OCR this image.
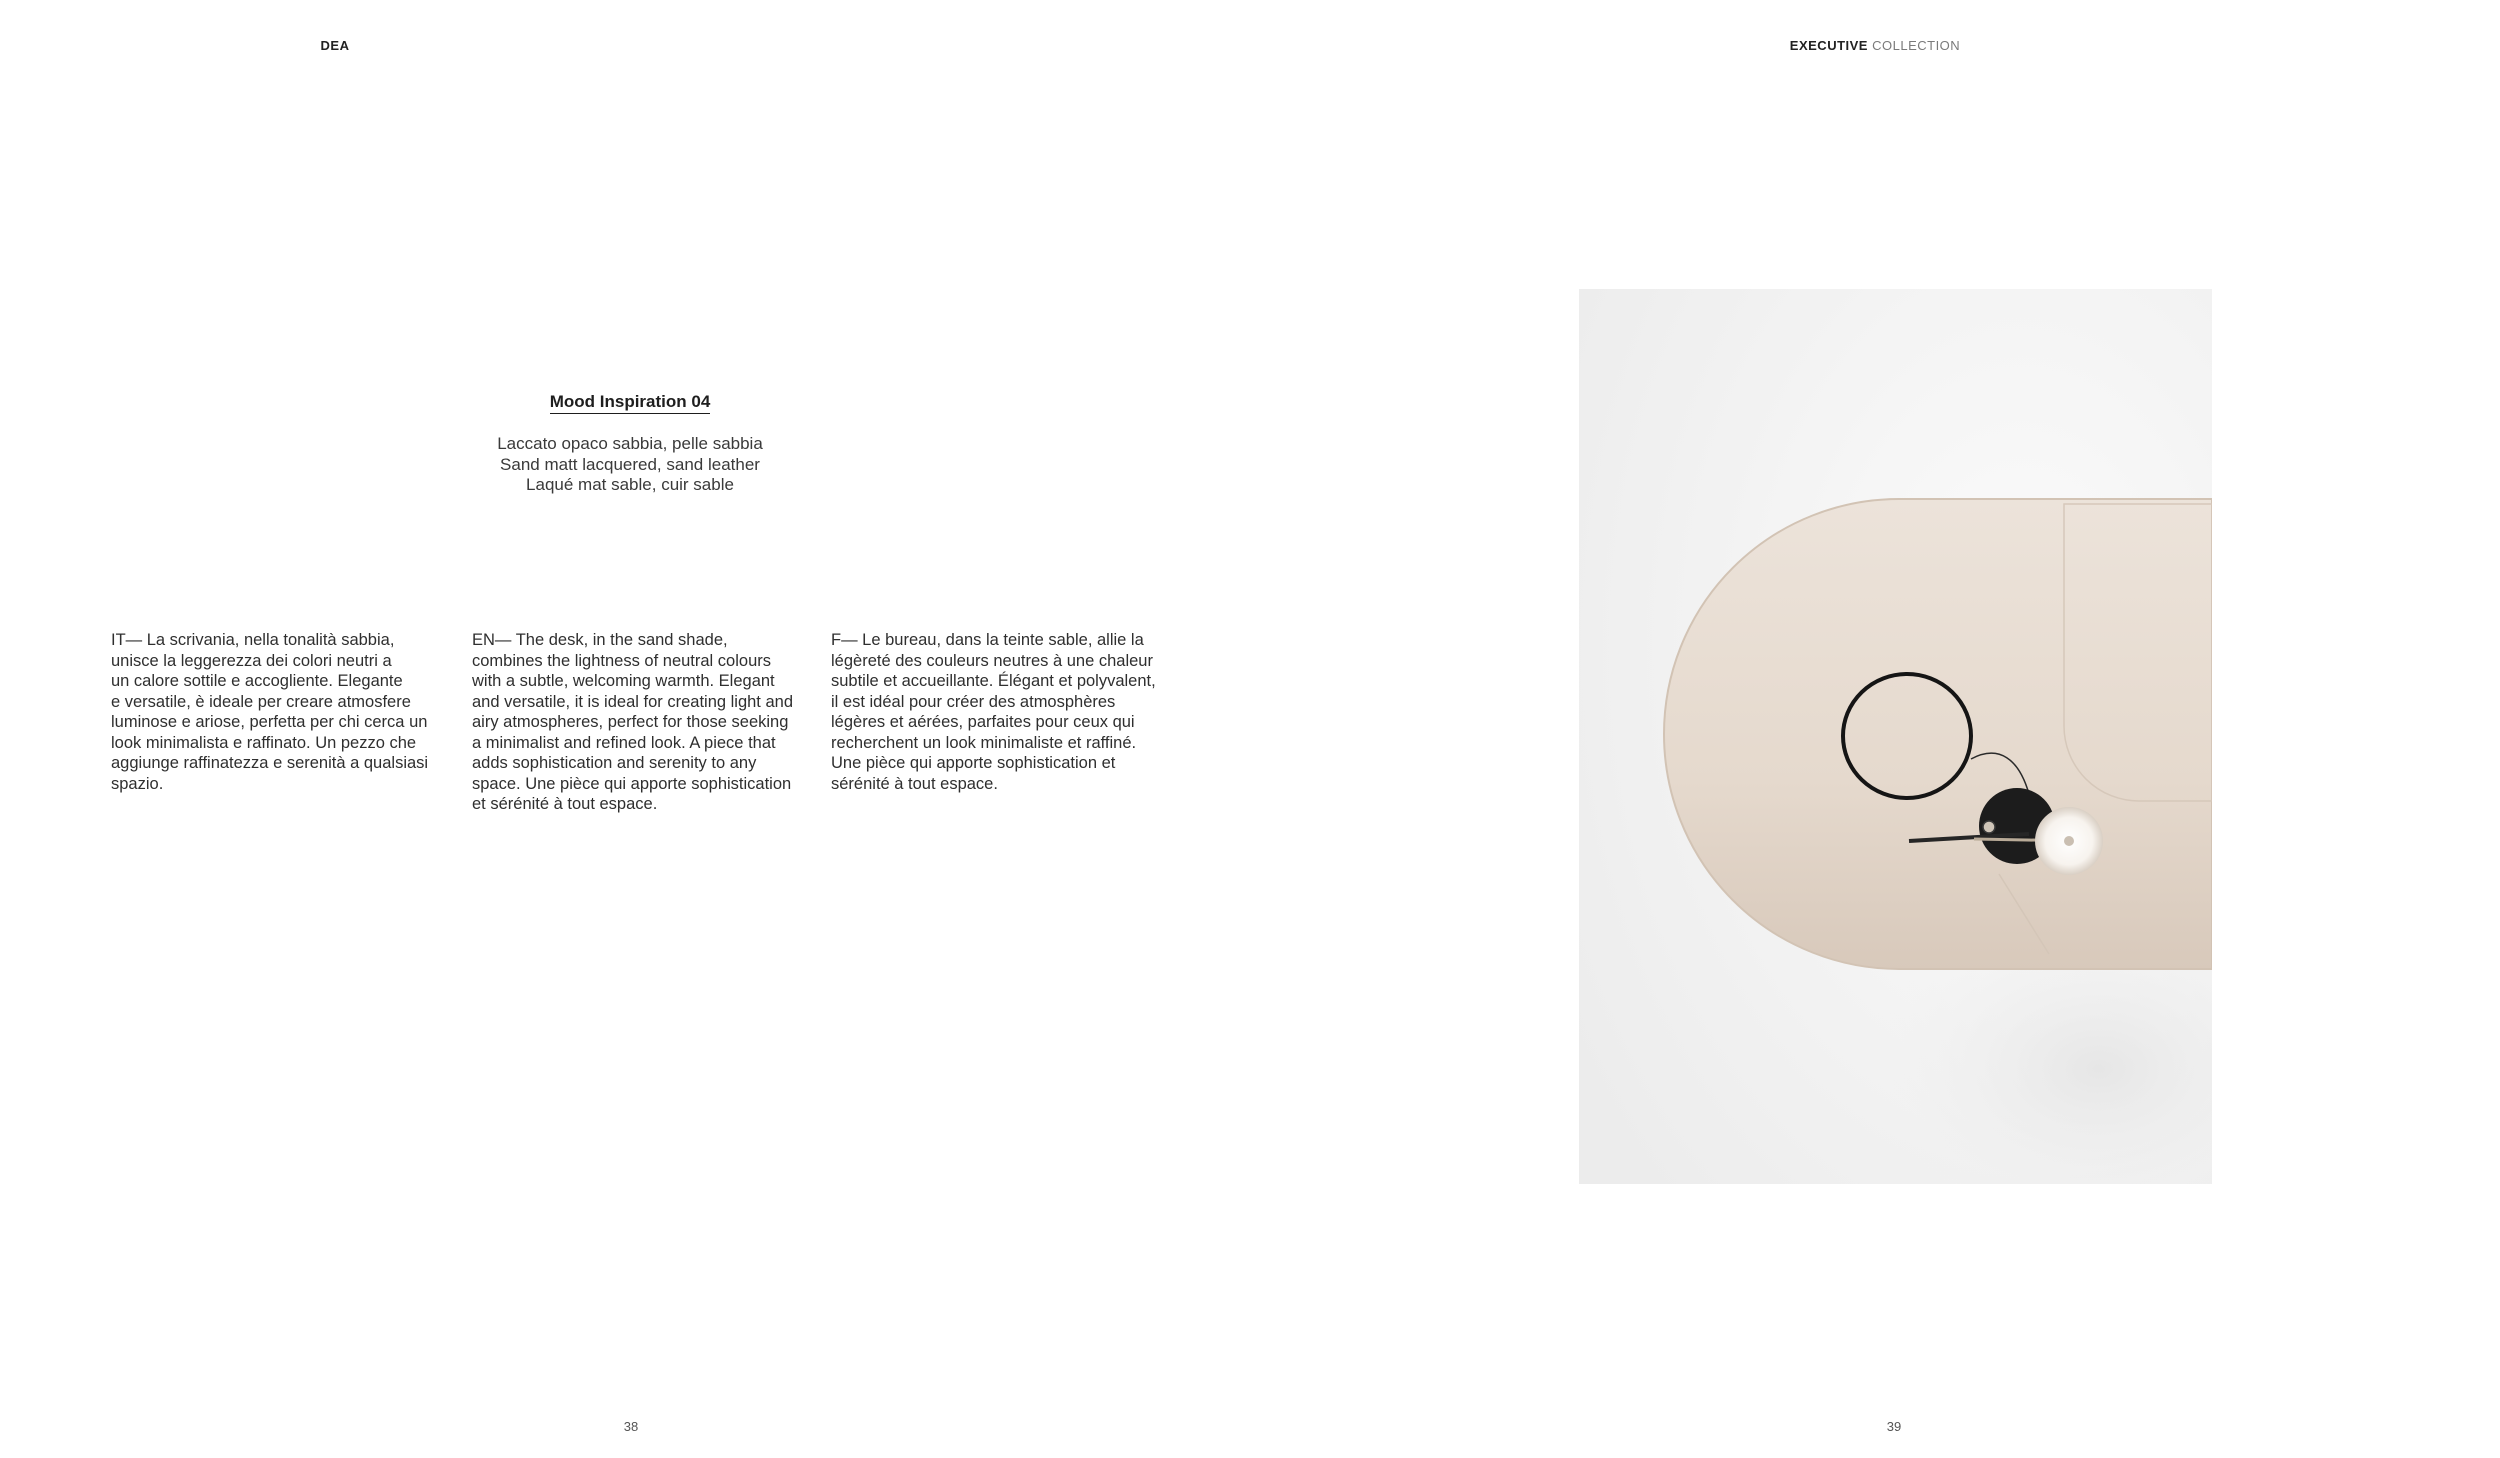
DEA
Mood Inspiration 04
Laccato opaco sabbia, pelle sabbia
Sand matt lacquered, sand leather
Laqué mat sable, cuir sable
IT— La scrivania, nella tonalità sabbia,
unisce la leggerezza dei colori neutri a
un calore sottile e accogliente. Elegante
e versatile, è ideale per creare atmosfere
luminose e ariose, perfetta per chi cerca un
look minimalista e raffinato. Un pezzo che
aggiunge raffinatezza e serenità a qualsiasi
spazio.
EN— The desk, in the sand shade,
combines the lightness of neutral colours
with a subtle, welcoming warmth. Elegant
and versatile, it is ideal for creating light and
airy atmospheres, perfect for those seeking
a minimalist and refined look. A piece that
adds sophistication and serenity to any
space. Une pièce qui apporte sophistication
et sérénité à tout espace.
F— Le bureau, dans la teinte sable, allie la
légèreté des couleurs neutres à une chaleur
subtile et accueillante. Élégant et polyvalent,
il est idéal pour créer des atmosphères
légères et aérées, parfaites pour ceux qui
recherchent un look minimaliste et raffiné.
Une pièce qui apporte sophistication et
sérénité à tout espace.
38
EXECUTIVE COLLECTION
39
